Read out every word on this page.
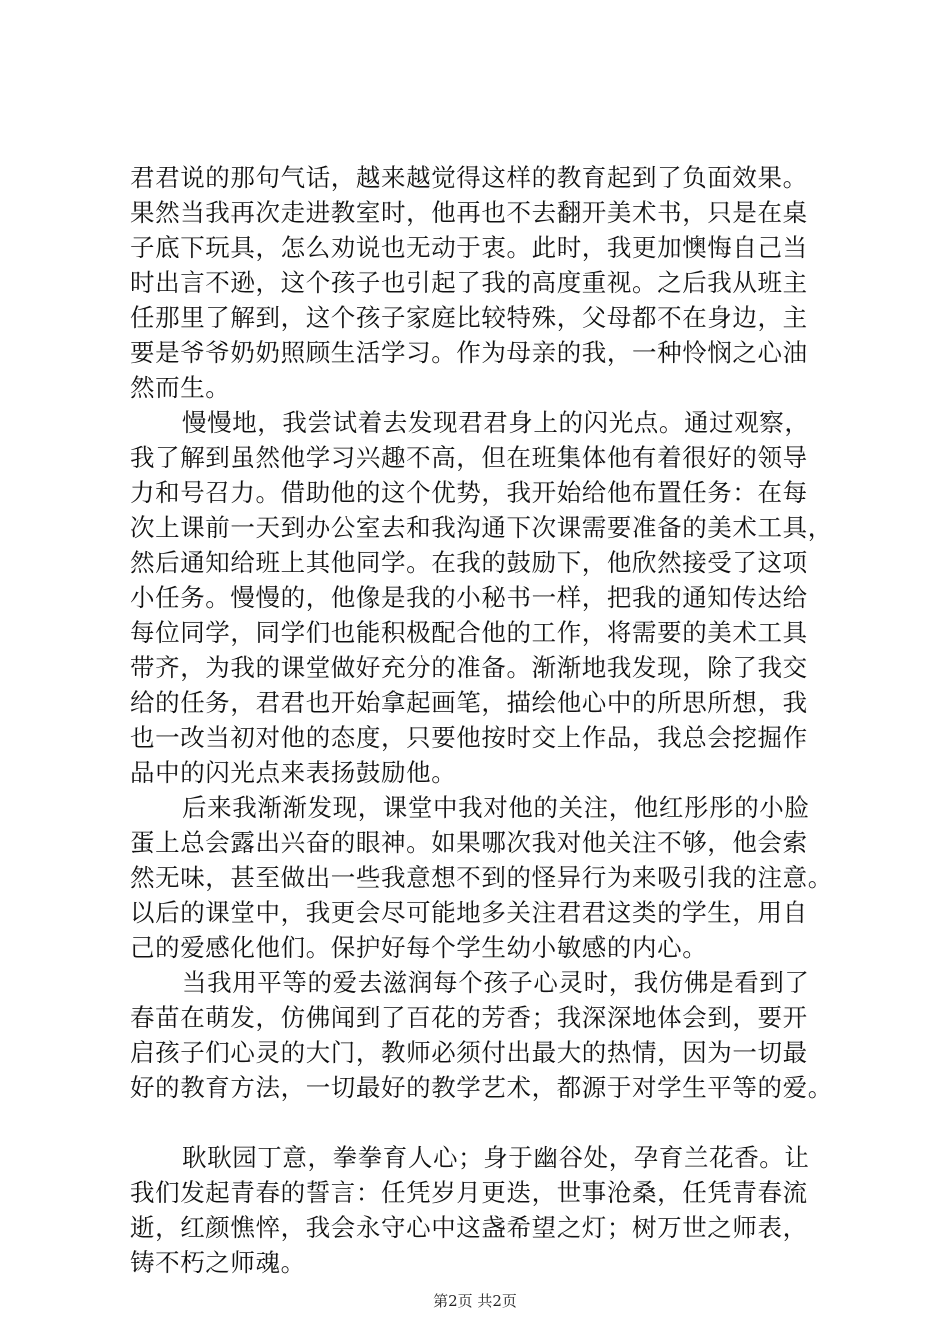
君君说的那句气话，越来越觉得这样的教育起到了负面效果。
果然当我再次走进教室时，他再也不去翻开美术书，只是在桌
子底下玩具，怎么劝说也无动于衷。此时，我更加懊悔自己当
时出言不逊，这个孩子也引起了我的高度重视。之后我从班主
任那里了解到，这个孩子家庭比较特殊，父母都不在身边，主
要是爷爷奶奶照顾生活学习。作为母亲的我，一种怜悯之心油
然而生。
慢慢地，我尝试着去发现君君身上的闪光点。通过观察，
我了解到虽然他学习兴趣不高，但在班集体他有着很好的领导
力和号召力。借助他的这个优势，我开始给他布置任务：在每
次上课前一天到办公室去和我沟通下次课需要准备的美术工具，
然后通知给班上其他同学。在我的鼓励下，他欣然接受了这项
小任务。慢慢的，他像是我的小秘书一样，把我的通知传达给
每位同学，同学们也能积极配合他的工作，将需要的美术工具
带齐，为我的课堂做好充分的准备。渐渐地我发现，除了我交
给的任务，君君也开始拿起画笔，描绘他心中的所思所想，我
也一改当初对他的态度，只要他按时交上作品，我总会挖掘作
品中的闪光点来表扬鼓励他。
后来我渐渐发现，课堂中我对他的关注，他红彤彤的小脸
蛋上总会露出兴奋的眼神。如果哪次我对他关注不够，他会索
然无味，甚至做出一些我意想不到的怪异行为来吸引我的注意。
以后的课堂中，我更会尽可能地多关注君君这类的学生，用自
己的爱感化他们。保护好每个学生幼小敏感的内心。
当我用平等的爱去滋润每个孩子心灵时，我仿佛是看到了
春苗在萌发，仿佛闻到了百花的芳香；我深深地体会到，要开
启孩子们心灵的大门，教师必须付出最大的热情，因为一切最
好的教育方法，一切最好的教学艺术，都源于对学生平等的爱。
耿耿园丁意，拳拳育人心；身于幽谷处，孕育兰花香。让
我们发起青春的誓言：任凭岁月更迭，世事沧桑，任凭青春流
逝，红颜憔悴，我会永守心中这盏希望之灯；树万世之师表，
铸不朽之师魂。
第2页 共2页
